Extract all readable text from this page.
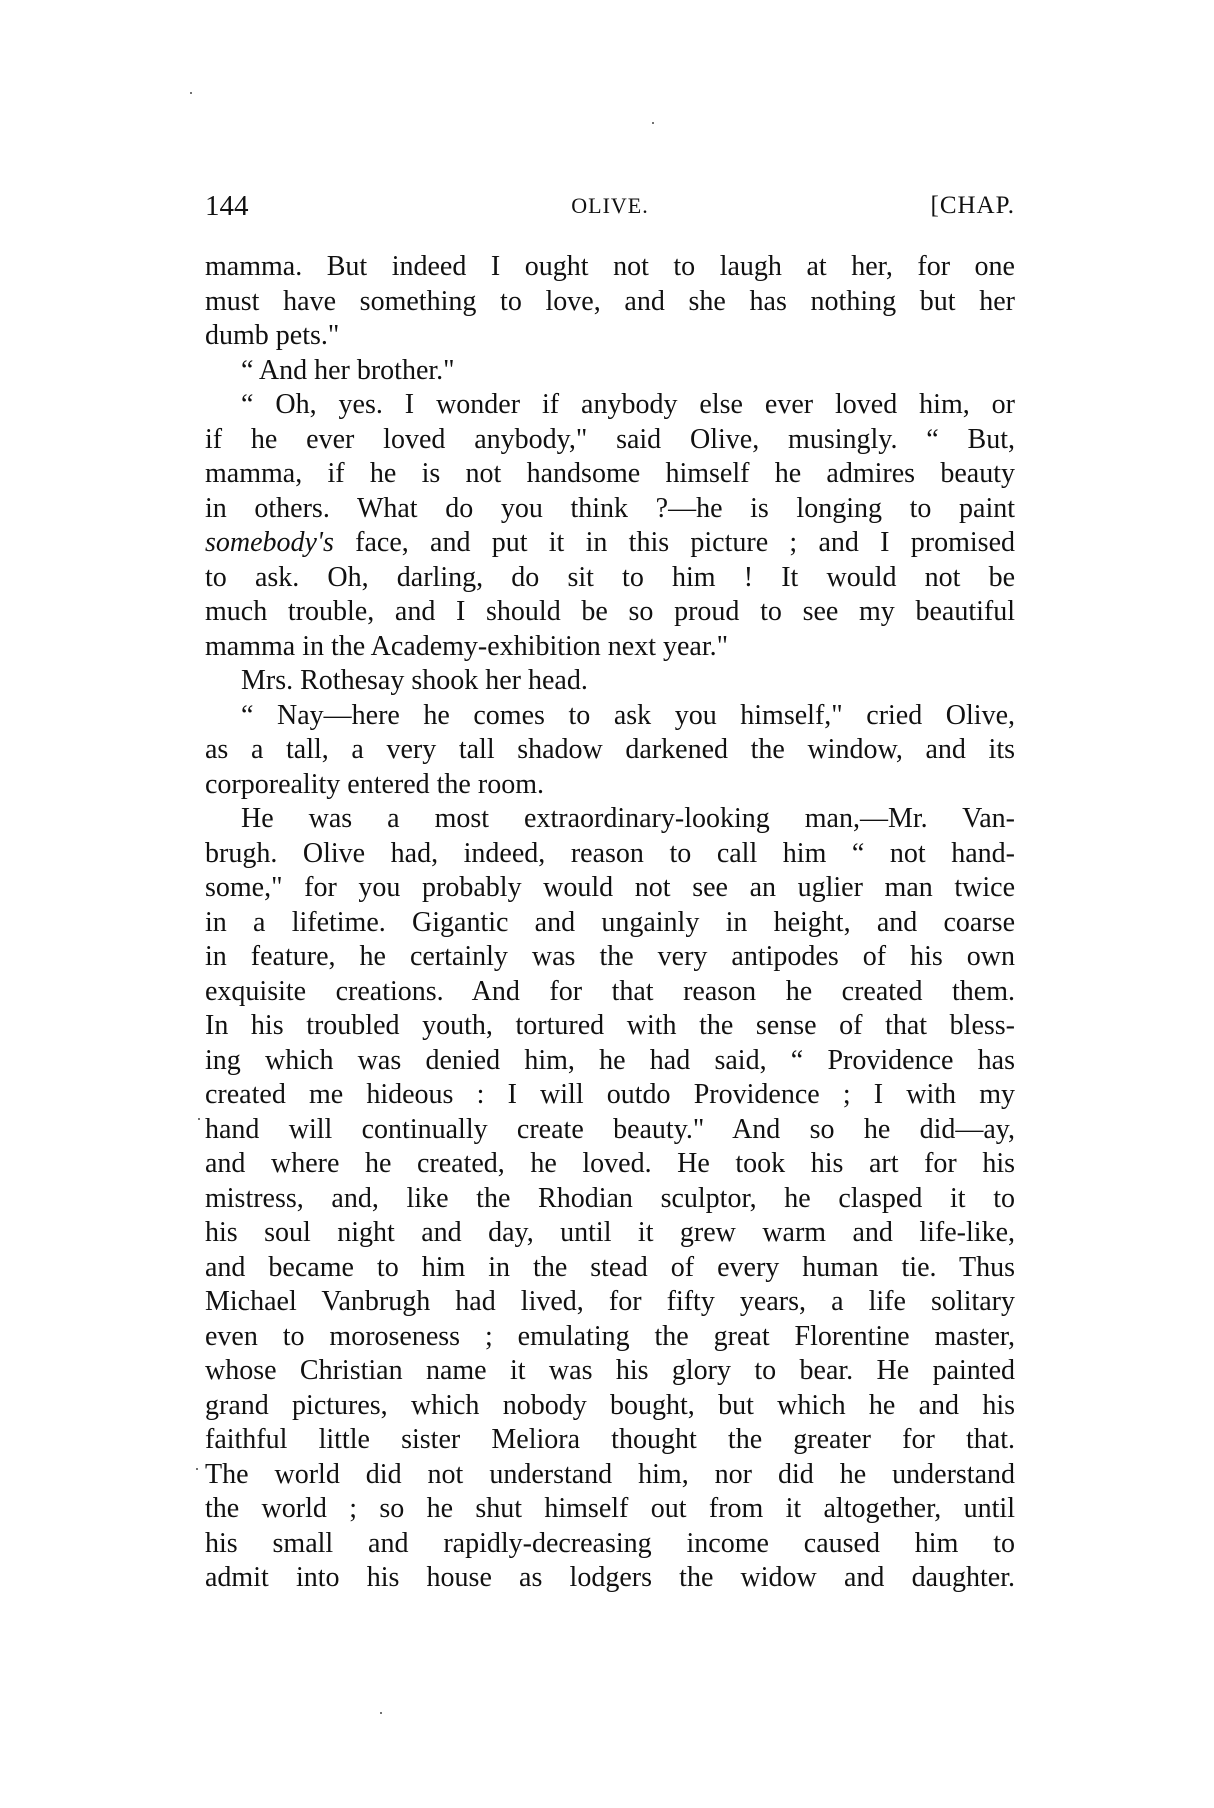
144	OLIVE.	[CHAP.
mamma. But indeed I ought not to laugh at her, for one
must have something to love, and she has nothing but her
dumb pets."
“ And her brother."
“ Oh, yes. I wonder if anybody else ever loved him, or
if he ever loved anybody," said Olive, musingly. “ But,
mamma, if he is not handsome himself he admires beauty
in others. What do you think ?—he is longing to paint
somebody's face, and put it in this picture ; and I promised
to ask. Oh, darling, do sit to him ! It would not be
much trouble, and I should be so proud to see my beautiful
mamma in the Academy-exhibition next year."
Mrs. Rothesay shook her head.
“ Nay—here he comes to ask you himself," cried Olive,
as a tall, a very tall shadow darkened the window, and its
corporeality entered the room.
He was a most extraordinary-looking man,—Mr. Van-
brugh. Olive had, indeed, reason to call him “ not hand-
some," for you probably would not see an uglier man twice
in a lifetime. Gigantic and ungainly in height, and coarse
in feature, he certainly was the very antipodes of his own
exquisite creations. And for that reason he created them.
In his troubled youth, tortured with the sense of that bless-
ing which was denied him, he had said, “ Providence has
created me hideous : I will outdo Providence ; I with my
hand will continually create beauty." And so he did—ay,
and where he created, he loved. He took his art for his
mistress, and, like the Rhodian sculptor, he clasped it to
his soul night and day, until it grew warm and life-like,
and became to him in the stead of every human tie. Thus
Michael Vanbrugh had lived, for fifty years, a life solitary
even to moroseness ; emulating the great Florentine master,
whose Christian name it was his glory to bear. He painted
grand pictures, which nobody bought, but which he and his
faithful little sister Meliora thought the greater for that.
The world did not understand him, nor did he understand
the world ; so he shut himself out from it altogether, until
his small and rapidly-decreasing income caused him to
admit into his house as lodgers the widow and daughter.
